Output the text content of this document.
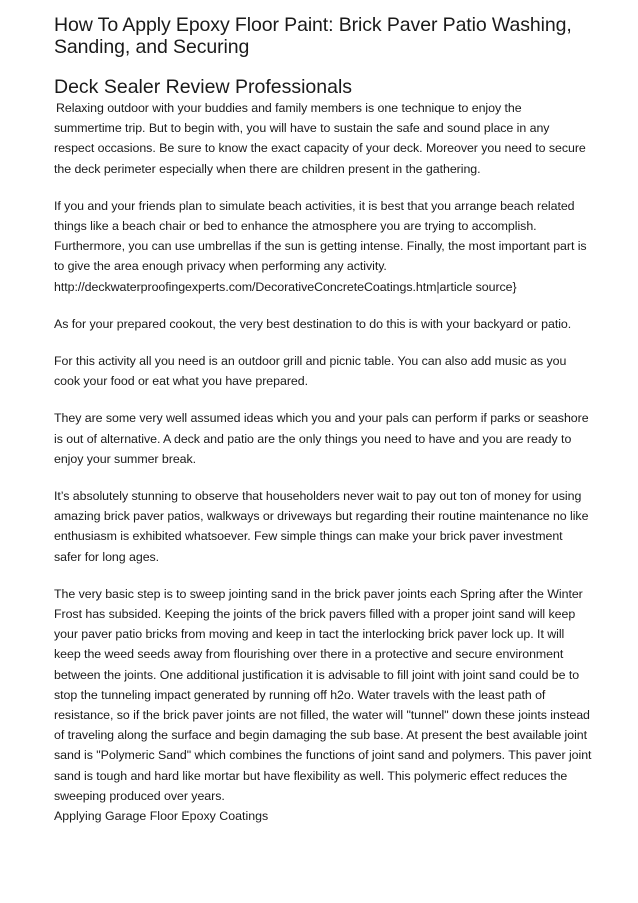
How To Apply Epoxy Floor Paint: Brick Paver Patio Washing, Sanding, and Securing
Deck Sealer Review Professionals

Relaxing outdoor with your buddies and family members is one technique to enjoy the summertime trip. But to begin with, you will have to sustain the safe and sound place in any respect occasions. Be sure to know the exact capacity of your deck. Moreover you need to secure the deck perimeter especially when there are children present in the gathering.

If you and your friends plan to simulate beach activities, it is best that you arrange beach related things like a beach chair or bed to enhance the atmosphere you are trying to accomplish. Furthermore, you can use umbrellas if the sun is getting intense. Finally, the most important part is to give the area enough privacy when performing any activity.
http://deckwaterproofingexperts.com/DecorativeConcreteCoatings.htm|article source}

As for your prepared cookout, the very best destination to do this is with your backyard or patio.

For this activity all you need is an outdoor grill and picnic table. You can also add music as you cook your food or eat what you have prepared.

They are some very well assumed ideas which you and your pals can perform if parks or seashore is out of alternative. A deck and patio are the only things you need to have and you are ready to enjoy your summer break.

It’s absolutely stunning to observe that householders never wait to pay out ton of money for using amazing brick paver patios, walkways or driveways but regarding their routine maintenance no like enthusiasm is exhibited whatsoever. Few simple things can make your brick paver investment safer for long ages.

The very basic step is to sweep jointing sand in the brick paver joints each Spring after the Winter Frost has subsided. Keeping the joints of the brick pavers filled with a proper joint sand will keep your paver patio bricks from moving and keep in tact the interlocking brick paver lock up. It will keep the weed seeds away from flourishing over there in a protective and secure environment between the joints. One additional justification it is advisable to fill joint with joint sand could be to stop the tunneling impact generated by running off h2o. Water travels with the least path of resistance, so if the brick paver joints are not filled, the water will "tunnel" down these joints instead of traveling along the surface and begin damaging the sub base. At present the best available joint sand is "Polymeric Sand" which combines the functions of joint sand and polymers. This paver joint sand is tough and hard like mortar but have flexibility as well. This polymeric effect reduces the sweeping produced over years.

Applying Garage Floor Epoxy Coatings
